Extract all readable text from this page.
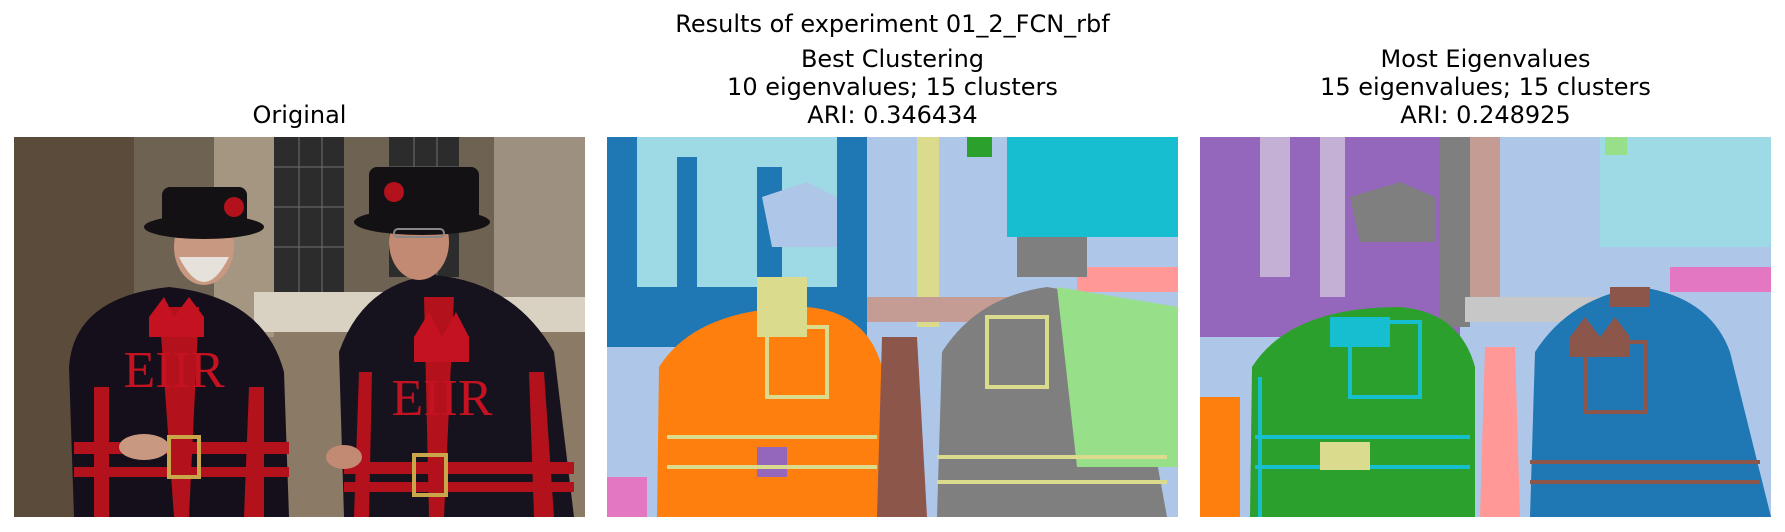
Results of experiment 01_2_FCN_rbf
Original
EIIR	EIIR
Best Clustering
10 eigenvalues; 15 clusters
ARI: 0.346434
Most Eigenvalues
15 eigenvalues; 15 clusters
ARI: 0.248925
